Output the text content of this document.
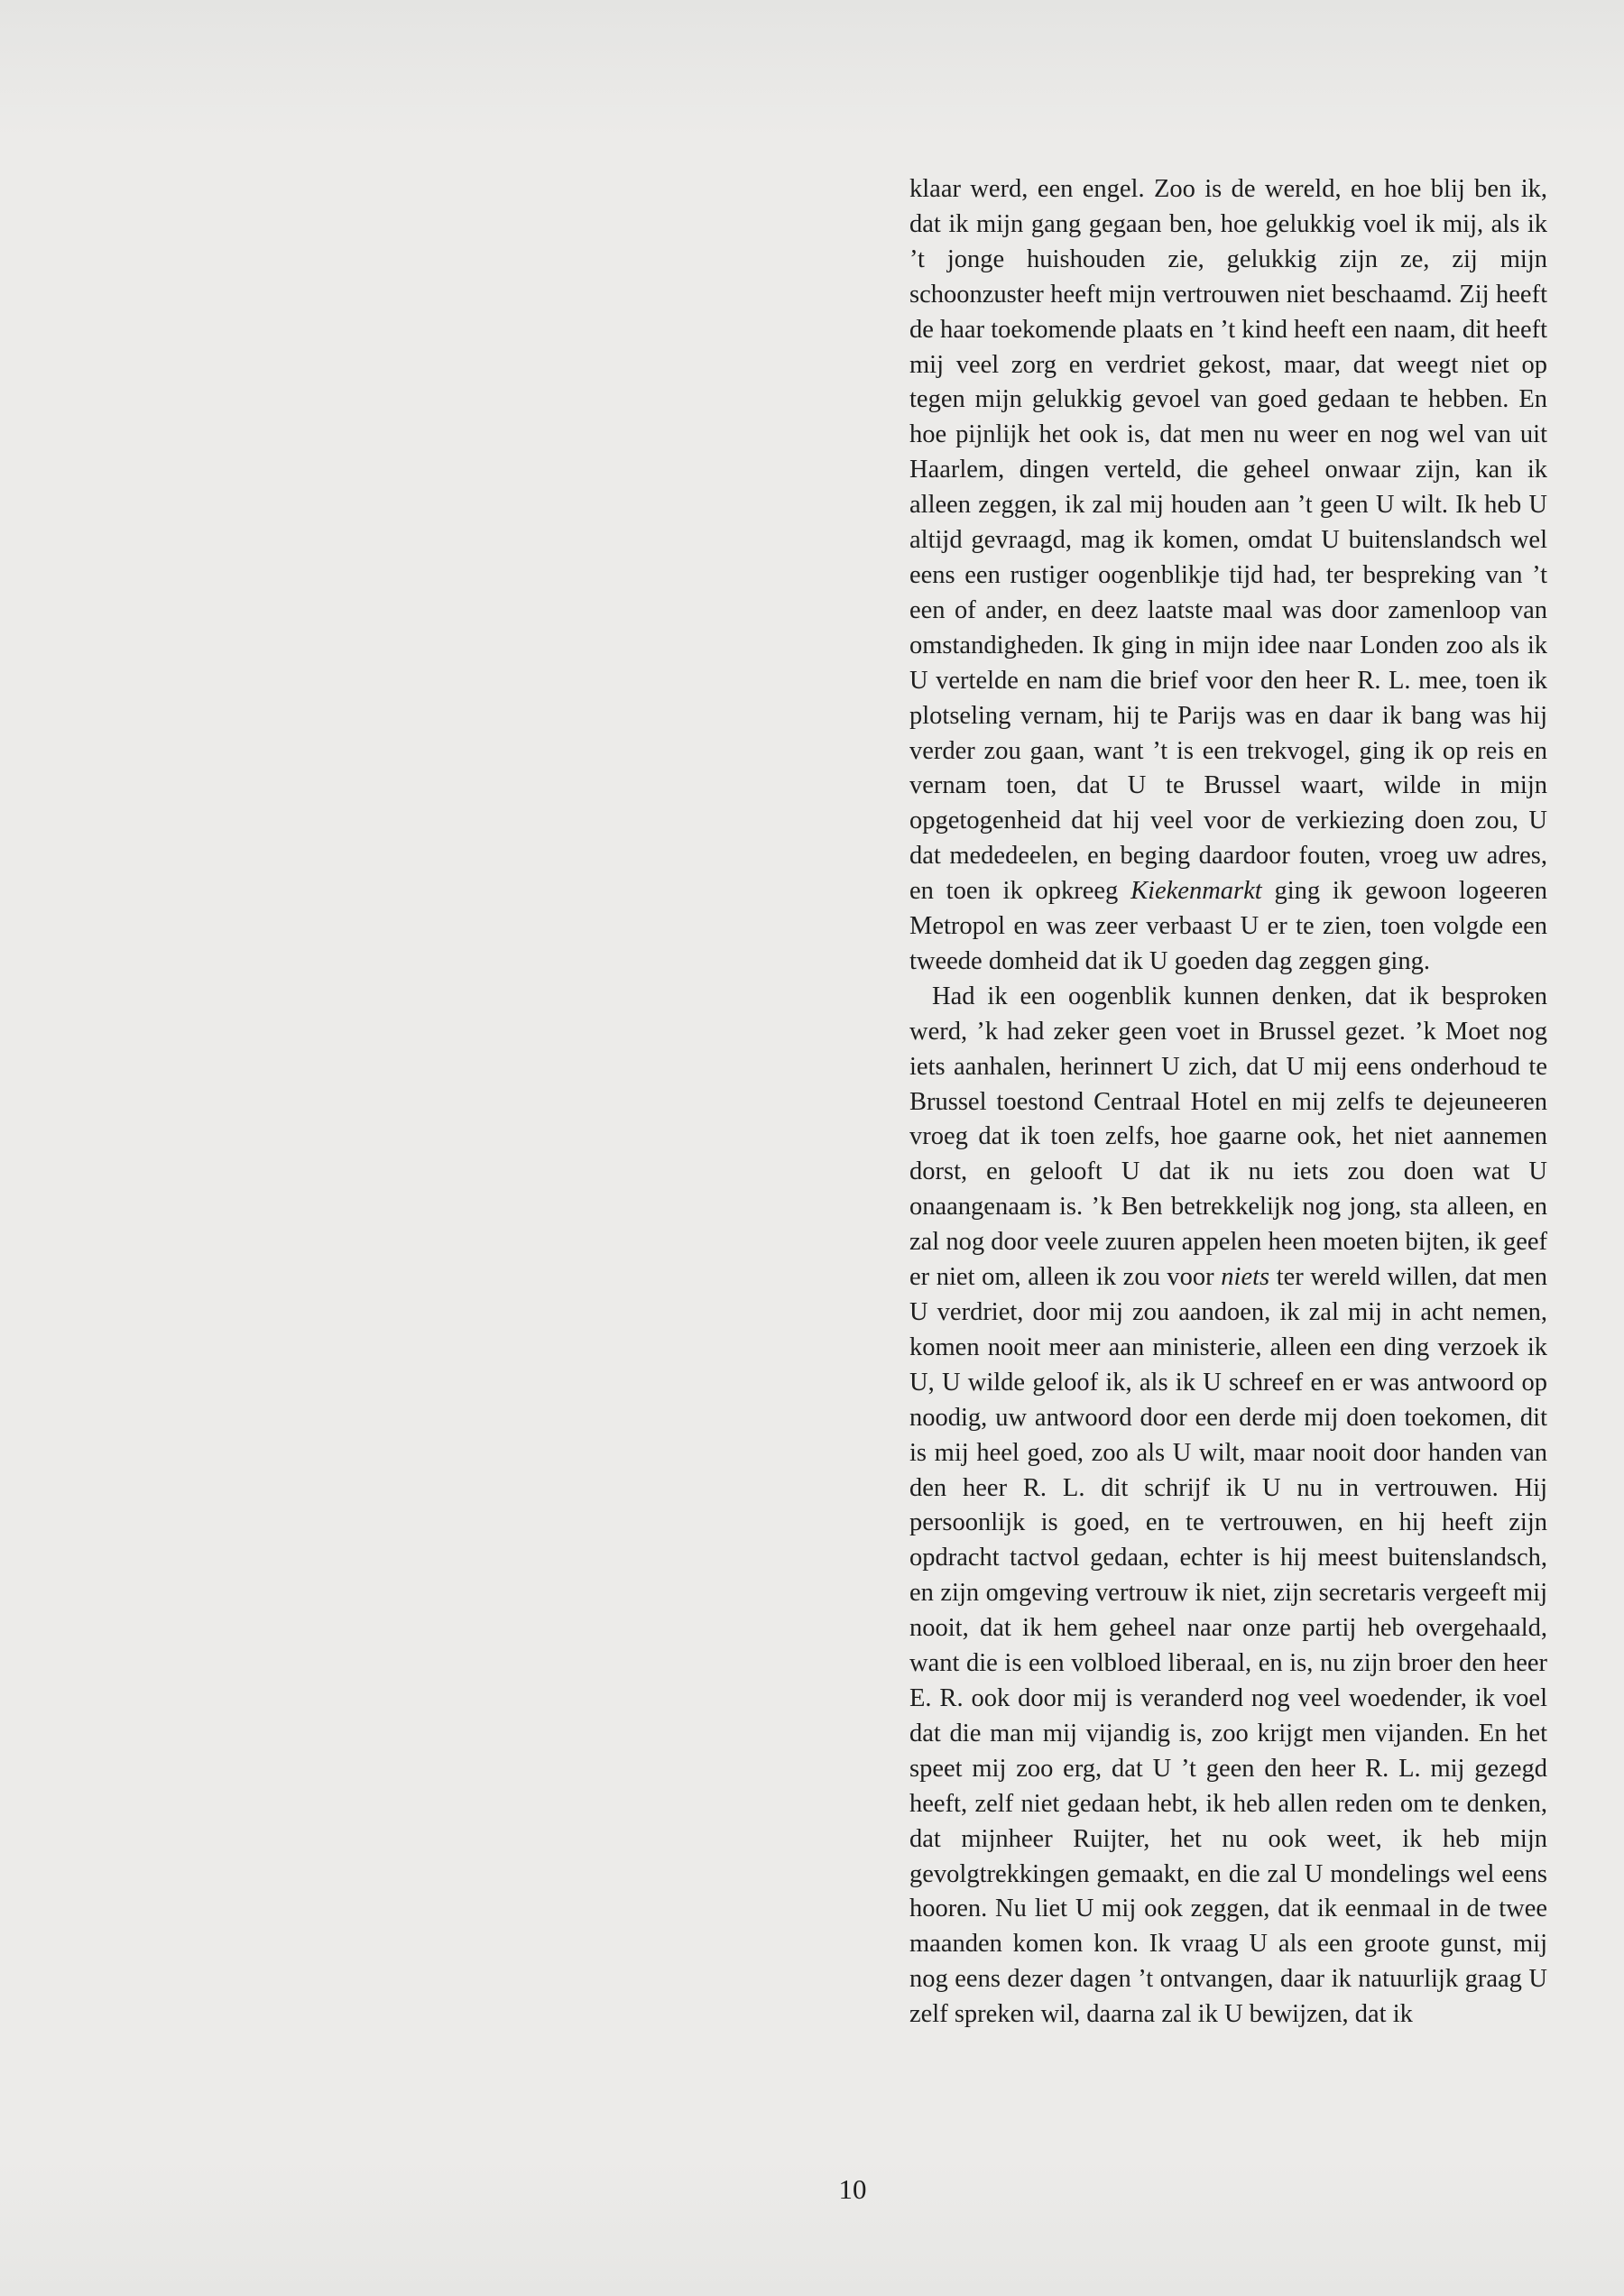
klaar werd, een engel. Zoo is de wereld, en hoe blij ben ik, dat ik mijn gang gegaan ben, hoe gelukkig voel ik mij, als ik ’t jonge huishouden zie, gelukkig zijn ze, zij mijn schoonzuster heeft mijn vertrouwen niet beschaamd. Zij heeft de haar toekomende plaats en ’t kind heeft een naam, dit heeft mij veel zorg en verdriet gekost, maar, dat weegt niet op tegen mijn gelukkig gevoel van goed gedaan te hebben. En hoe pijnlijk het ook is, dat men nu weer en nog wel van uit Haarlem, dingen verteld, die geheel onwaar zijn, kan ik alleen zeggen, ik zal mij houden aan ’t geen U wilt. Ik heb U altijd gevraagd, mag ik komen, omdat U buitenslandsch wel eens een rustiger oogenblikje tijd had, ter bespreking van ’t een of ander, en deez laatste maal was door zamenloop van omstandigheden. Ik ging in mijn idee naar Londen zoo als ik U vertelde en nam die brief voor den heer R. L. mee, toen ik plotseling vernam, hij te Parijs was en daar ik bang was hij verder zou gaan, want ’t is een trekvogel, ging ik op reis en vernam toen, dat U te Brussel waart, wilde in mijn opgetogenheid dat hij veel voor de verkiezing doen zou, U dat mededeelen, en beging daardoor fouten, vroeg uw adres, en toen ik opkreeg Kiekenmarkt ging ik gewoon logeeren Metropol en was zeer verbaast U er te zien, toen volgde een tweede domheid dat ik U goeden dag zeggen ging.

Had ik een oogenblik kunnen denken, dat ik besproken werd, ’k had zeker geen voet in Brussel gezet. ’k Moet nog iets aanhalen, herinnert U zich, dat U mij eens onderhoud te Brussel toestond Centraal Hotel en mij zelfs te dejeuneeren vroeg dat ik toen zelfs, hoe gaarne ook, het niet aannemen dorst, en gelooft U dat ik nu iets zou doen wat U onaangenaam is. ’k Ben betrekkelijk nog jong, sta alleen, en zal nog door veele zuuren appelen heen moeten bijten, ik geef er niet om, alleen ik zou voor niets ter wereld willen, dat men U verdriet, door mij zou aandoen, ik zal mij in acht nemen, komen nooit meer aan ministerie, alleen een ding verzoek ik U, U wilde geloof ik, als ik U schreef en er was antwoord op noodig, uw antwoord door een derde mij doen toekomen, dit is mij heel goed, zoo als U wilt, maar nooit door handen van den heer R. L. dit schrijf ik U nu in vertrouwen. Hij persoonlijk is goed, en te vertrouwen, en hij heeft zijn opdracht tactvol gedaan, echter is hij meest buitenslandsch, en zijn omgeving vertrouw ik niet, zijn secretaris vergeeft mij nooit, dat ik hem geheel naar onze partij heb overgehaald, want die is een volbloed liberaal, en is, nu zijn broer den heer E. R. ook door mij is veranderd nog veel woedender, ik voel dat die man mij vijandig is, zoo krijgt men vijanden. En het speet mij zoo erg, dat U ’t geen den heer R. L. mij gezegd heeft, zelf niet gedaan hebt, ik heb allen reden om te denken, dat mijnheer Ruijter, het nu ook weet, ik heb mijn gevolgtrekkingen gemaakt, en die zal U mondelings wel eens hooren. Nu liet U mij ook zeggen, dat ik eenmaal in de twee maanden komen kon. Ik vraag U als een groote gunst, mij nog eens dezer dagen ’t ontvangen, daar ik natuurlijk graag U zelf spreken wil, daarna zal ik U bewijzen, dat ik

10
